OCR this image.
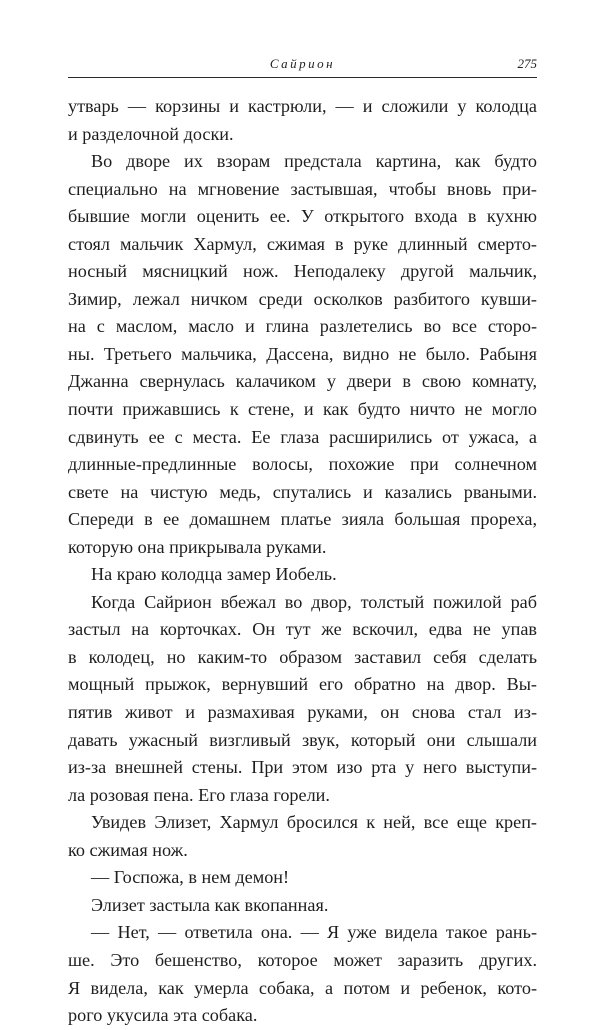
Сайрион	275
утварь — корзины и кастрюли, — и сложили у колодца
и разделочной доски.
Во дворе их взорам предстала картина, как будто
специально на мгновение застывшая, чтобы вновь при-
бывшие могли оценить ее. У открытого входа в кухню
стоял мальчик Хармул, сжимая в руке длинный смерто-
носный мясницкий нож. Неподалеку другой мальчик,
Зимир, лежал ничком среди осколков разбитого кувши-
на с маслом, масло и глина разлетелись во все сторо-
ны. Третьего мальчика, Дассена, видно не было. Рабыня
Джанна свернулась калачиком у двери в свою комнату,
почти прижавшись к стене, и как будто ничто не могло
сдвинуть ее с места. Ее глаза расширились от ужаса, а
длинные-предлинные волосы, похожие при солнечном
свете на чистую медь, спутались и казались рваными.
Спереди в ее домашнем платье зияла большая прореха,
которую она прикрывала руками.
На краю колодца замер Иобель.
Когда Сайрион вбежал во двор, толстый пожилой раб
застыл на корточках. Он тут же вскочил, едва не упав
в колодец, но каким-то образом заставил себя сделать
мощный прыжок, вернувший его обратно на двор. Вы-
пятив живот и размахивая руками, он снова стал из-
давать ужасный визгливый звук, который они слышали
из-за внешней стены. При этом изо рта у него выступи-
ла розовая пена. Его глаза горели.
Увидев Элизет, Хармул бросился к ней, все еще креп-
ко сжимая нож.
— Госпожа, в нем демон!
Элизет застыла как вкопанная.
— Нет, — ответила она. — Я уже видела такое рань-
ше. Это бешенство, которое может заразить других.
Я видела, как умерла собака, а потом и ребенок, кото-
рого укусила эта собака.
